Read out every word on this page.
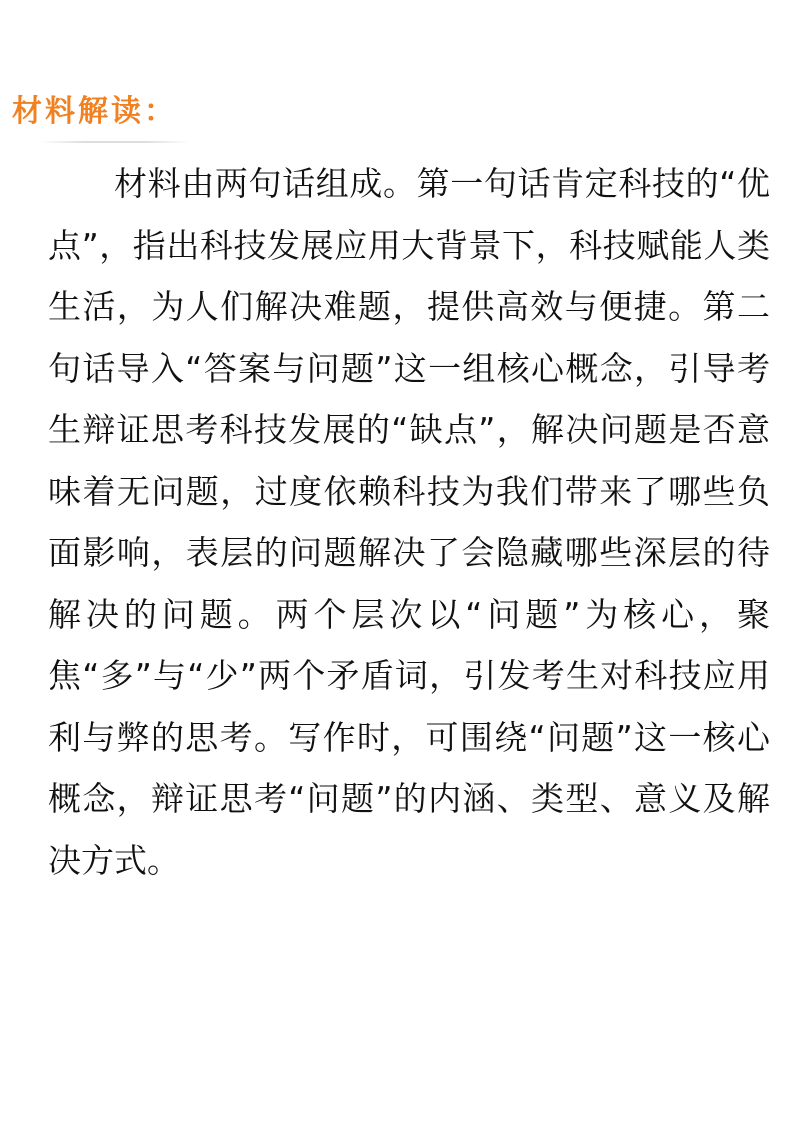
材料解读：

材料由两句话组成。第一句话肯定科技的“优点”，指出科技发展应用大背景下，科技赋能人类生活，为人们解决难题，提供高效与便捷。第二句话导入“答案与问题”这一组核心概念，引导考生辩证思考科技发展的“缺点”，解决问题是否意味着无问题，过度依赖科技为我们带来了哪些负面影响，表层的问题解决了会隐藏哪些深层的待解决的问题。两个层次以“问题”为核心，聚焦“多”与“少”两个矛盾词，引发考生对科技应用利与弊的思考。写作时，可围绕“问题”这一核心概念，辩证思考“问题”的内涵、类型、意义及解决方式。
